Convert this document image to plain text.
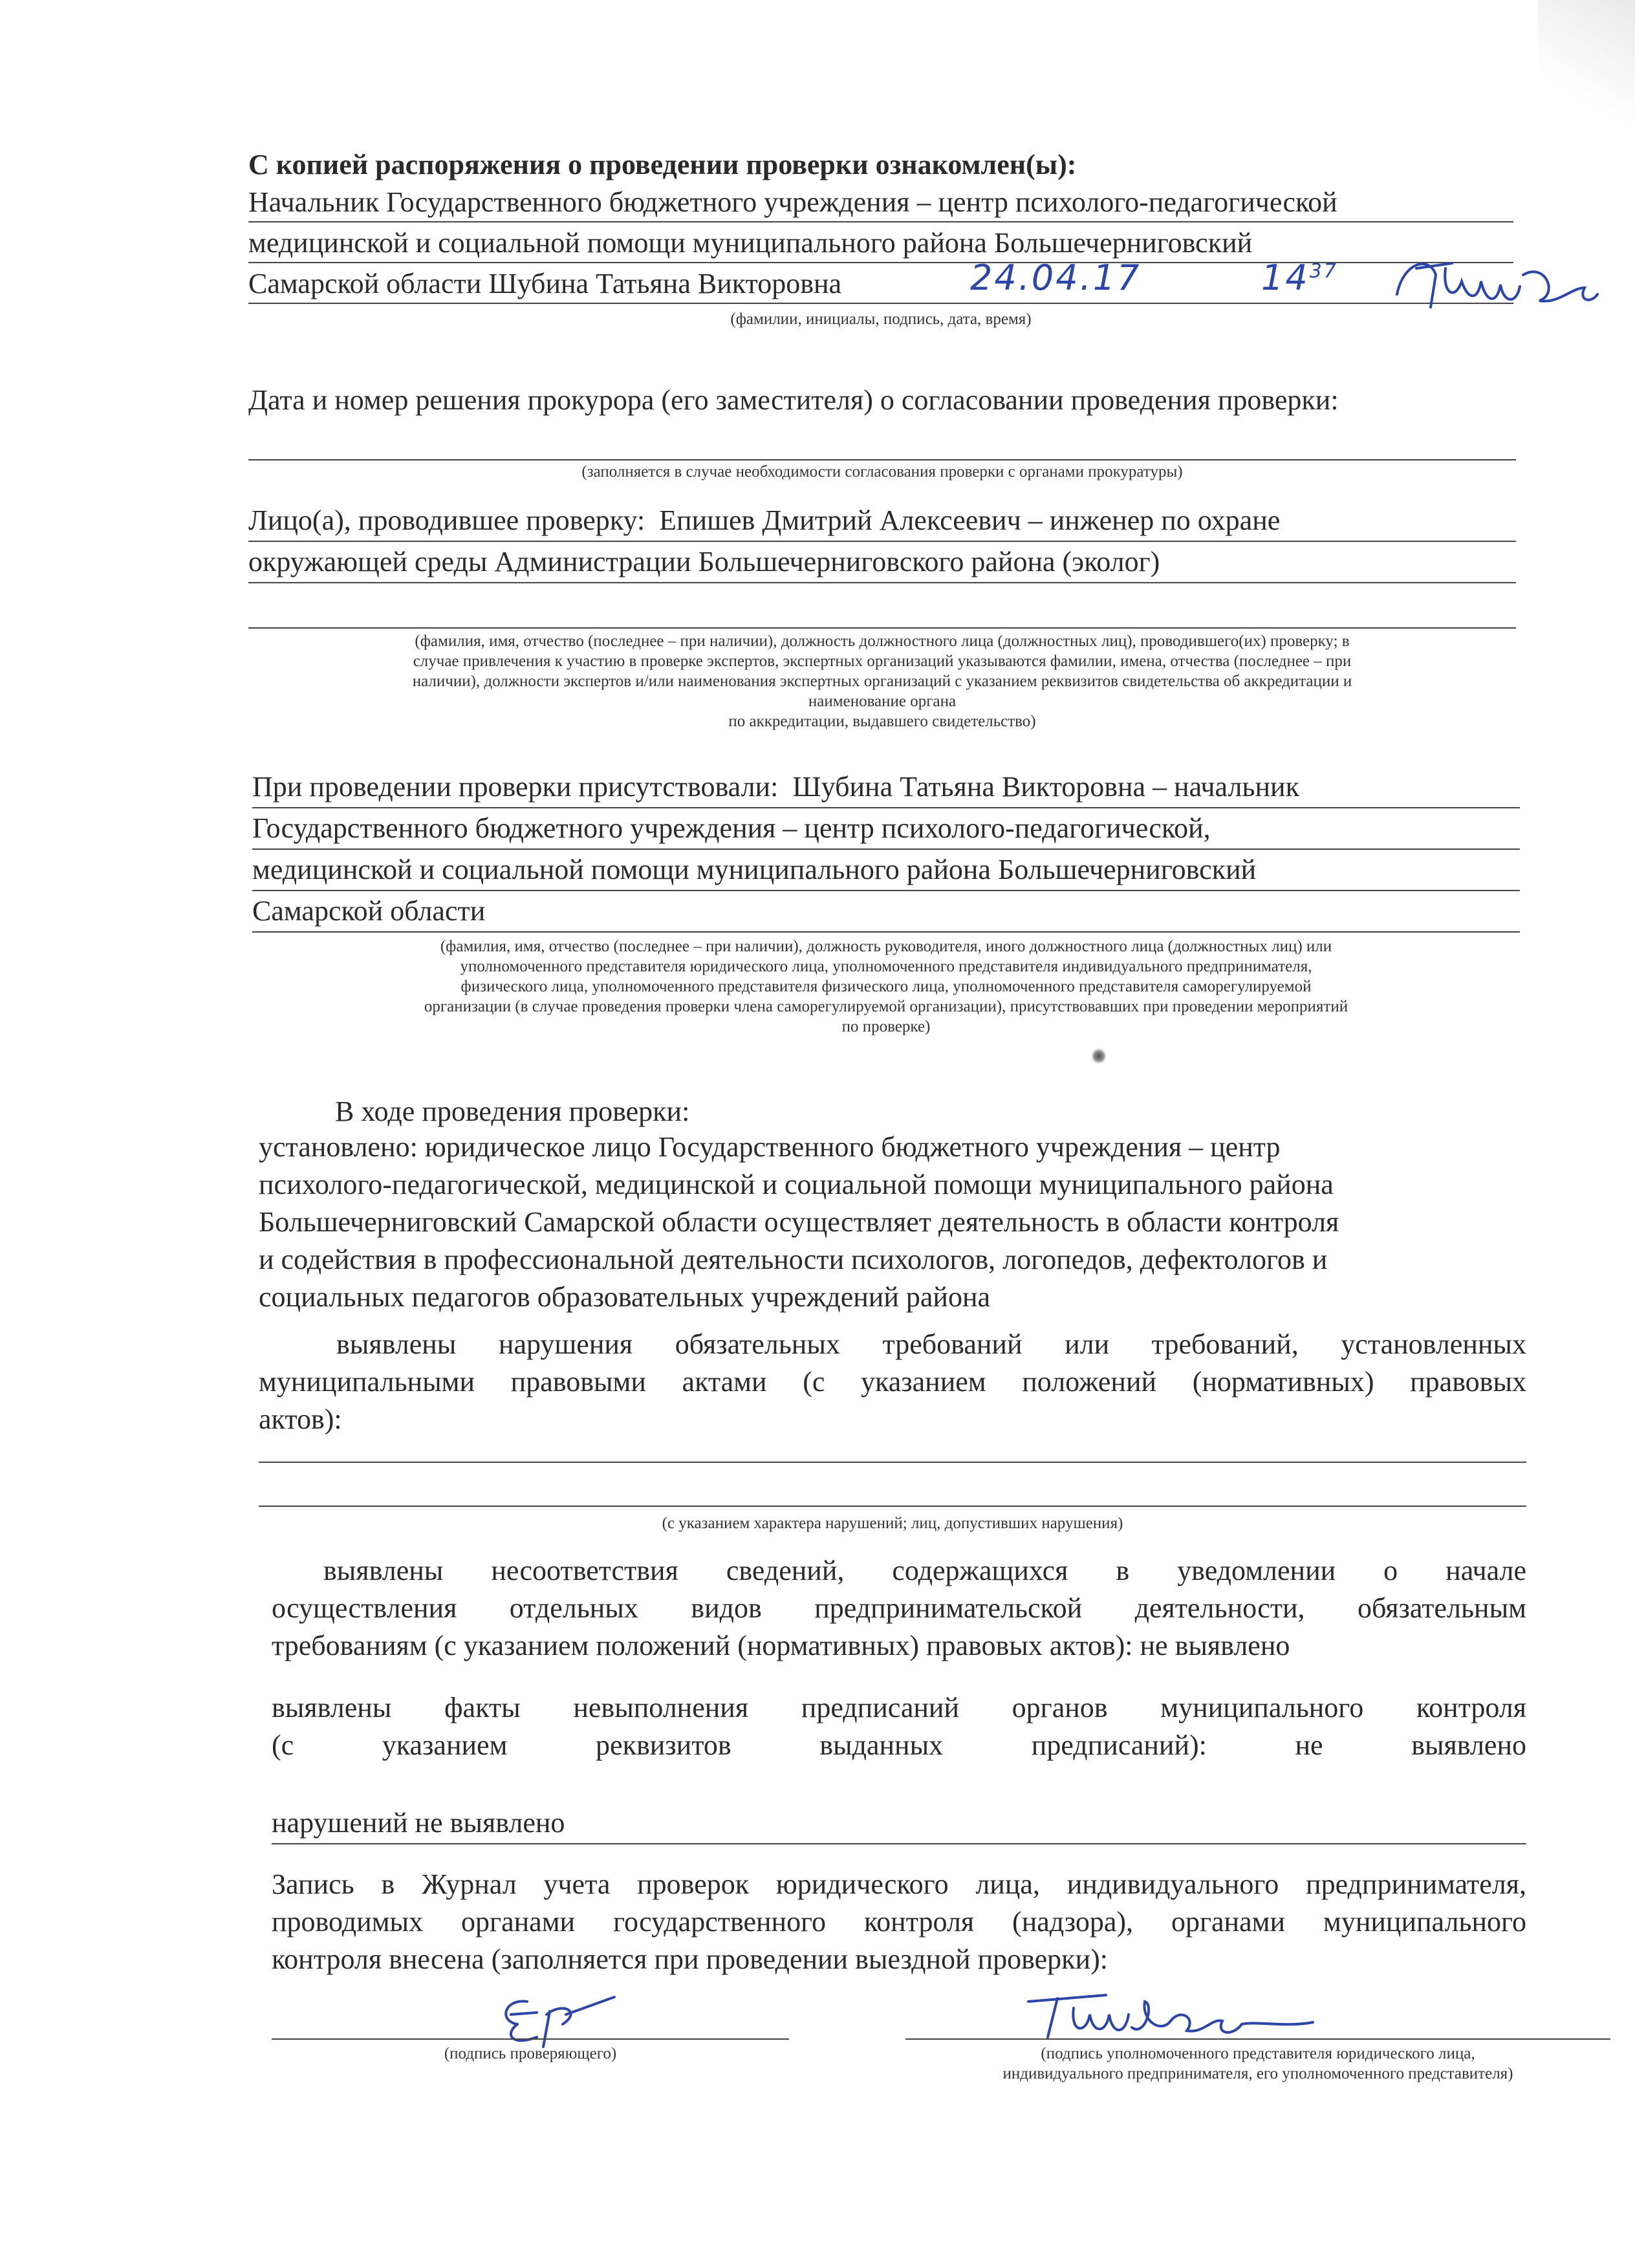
С копией распоряжения о проведении проверки ознакомлен(ы):
Начальник Государственного бюджетного учреждения – центр психолого-педагогической
медицинской и социальной помощи муниципального района Большечерниговский
Самарской области Шубина Татьяна Викторовна	24.04.17	$14^{37}$
(фамилии, инициалы, подпись, дата, время)
Дата и номер решения прокурора (его заместителя) о согласовании проведения проверки:
(заполняется в случае необходимости согласования проверки с органами прокуратуры)
Лицо(а), проводившее проверку: Епишев Дмитрий Алексеевич – инженер по охране
окружающей среды Администрации Большечерниговского района (эколог)
(фамилия, имя, отчество (последнее – при наличии), должность должностного лица (должностных лиц), проводившего(их) проверку; в
случае привлечения к участию в проверке экспертов, экспертных организаций указываются фамилии, имена, отчества (последнее – при
наличии), должности экспертов и/или наименования экспертных организаций с указанием реквизитов свидетельства об аккредитации и
наименование органа
по аккредитации, выдавшего свидетельство)
При проведении проверки присутствовали: Шубина Татьяна Викторовна – начальник
Государственного бюджетного учреждения – центр психолого-педагогической,
медицинской и социальной помощи муниципального района Большечерниговский
Самарской области
(фамилия, имя, отчество (последнее – при наличии), должность руководителя, иного должностного лица (должностных лиц) или
уполномоченного представителя юридического лица, уполномоченного представителя индивидуального предпринимателя,
физического лица, уполномоченного представителя физического лица, уполномоченного представителя саморегулируемой
организации (в случае проведения проверки члена саморегулируемой организации), присутствовавших при проведении мероприятий
по проверке)
В ходе проведения проверки:
установлено: юридическое лицо Государственного бюджетного учреждения – центр
психолого-педагогической, медицинской и социальной помощи муниципального района
Большечерниговский Самарской области осуществляет деятельность в области контроля
и содействия в профессиональной деятельности психологов, логопедов, дефектологов и
социальных педагогов образовательных учреждений района
выявлены нарушения обязательных требований или требований, установленных
муниципальными правовыми актами (с указанием положений (нормативных) правовых
актов):
(с указанием характера нарушений; лиц, допустивших нарушения)
выявлены несоответствия сведений, содержащихся в уведомлении о начале
осуществления отдельных видов предпринимательской деятельности, обязательным
требованиям (с указанием положений (нормативных) правовых актов): не выявлено
выявлены факты невыполнения предписаний органов муниципального контроля
(с указанием реквизитов выданных предписаний): не выявлено
нарушений не выявлено
Запись в Журнал учета проверок юридического лица, индивидуального предпринимателя,
проводимых органами государственного контроля (надзора), органами муниципального
контроля внесена (заполняется при проведении выездной проверки):
(подпись проверяющего)	(подпись уполномоченного представителя юридического лица,
индивидуального предпринимателя, его уполномоченного представителя)
